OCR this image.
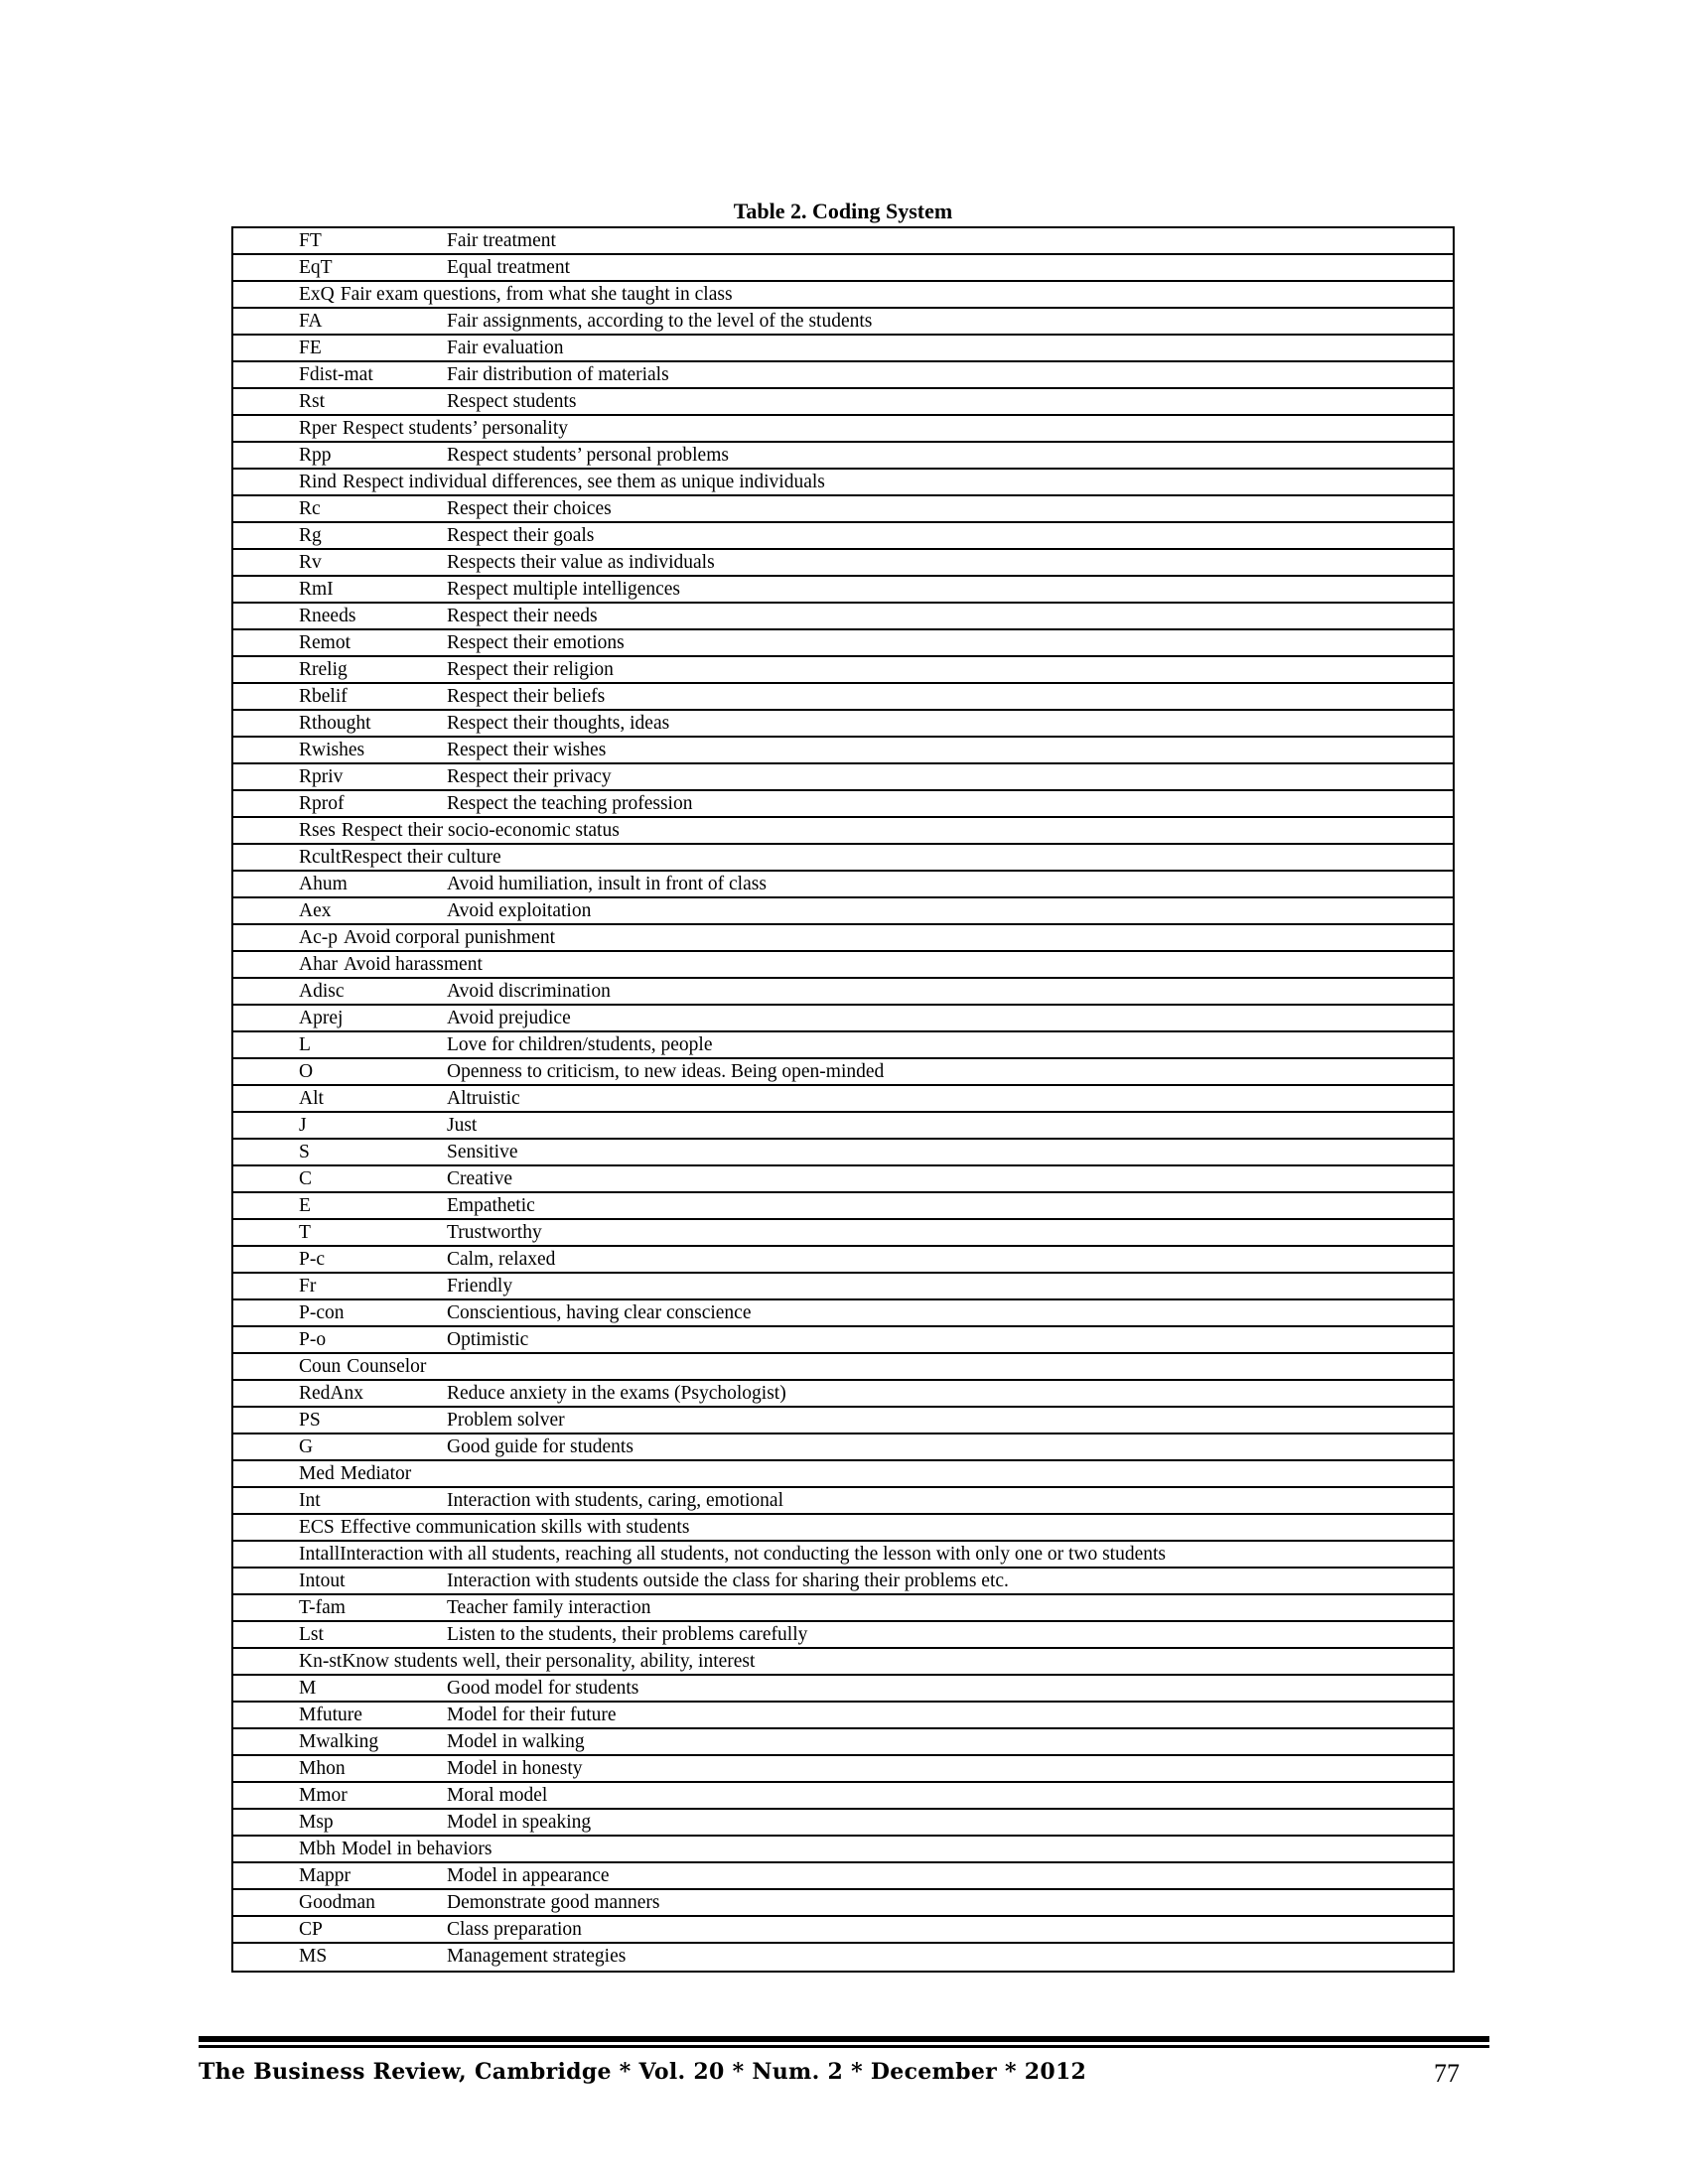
Table 2. Coding System
FT	Fair treatment
EqT	Equal treatment
ExQ Fair exam questions, from what she taught in class
FA	Fair assignments, according to the level of the students
FE	Fair evaluation
Fdist-mat	Fair distribution of materials
Rst	Respect students
Rper Respect students’ personality
Rpp	Respect students’ personal problems
Rind Respect individual differences, see them as unique individuals
Rc	Respect their choices
Rg	Respect their goals
Rv	Respects their value as individuals
RmI	Respect multiple intelligences
Rneeds	Respect their needs
Remot	Respect their emotions
Rrelig	Respect their religion
Rbelif	Respect their beliefs
Rthought	Respect their thoughts, ideas
Rwishes	Respect their wishes
Rpriv	Respect their privacy
Rprof	Respect the teaching profession
Rses Respect their socio-economic status
RcultRespect their culture
Ahum	Avoid humiliation, insult in front of class
Aex	Avoid exploitation
Ac-p Avoid corporal punishment
Ahar Avoid harassment
Adisc	Avoid discrimination
Aprej	Avoid prejudice
L	Love for children/students, people
O	Openness to criticism, to new ideas. Being open-minded
Alt	Altruistic
J	Just
S	Sensitive
C	Creative
E	Empathetic
T	Trustworthy
P-c	Calm, relaxed
Fr	Friendly
P-con	Conscientious, having clear conscience
P-o	Optimistic
Coun Counselor
RedAnx	Reduce anxiety in the exams (Psychologist)
PS	Problem solver
G	Good guide for students
Med Mediator
Int	Interaction with students, caring, emotional
ECS Effective communication skills with students
IntallInteraction with all students, reaching all students, not conducting the lesson with only one or two students
Intout	Interaction with students outside the class for sharing their problems etc.
T-fam	Teacher family interaction
Lst	Listen to the students, their problems carefully
Kn-stKnow students well, their personality, ability, interest
M	Good model for students
Mfuture	Model for their future
Mwalking	Model in walking
Mhon	Model in honesty
Mmor	Moral model
Msp	Model in speaking
Mbh Model in behaviors
Mappr	Model in appearance
Goodman	Demonstrate good manners
CP	Class preparation
MS	Management strategies
The Business Review, Cambridge * Vol. 20 * Num. 2 * December * 2012	77
